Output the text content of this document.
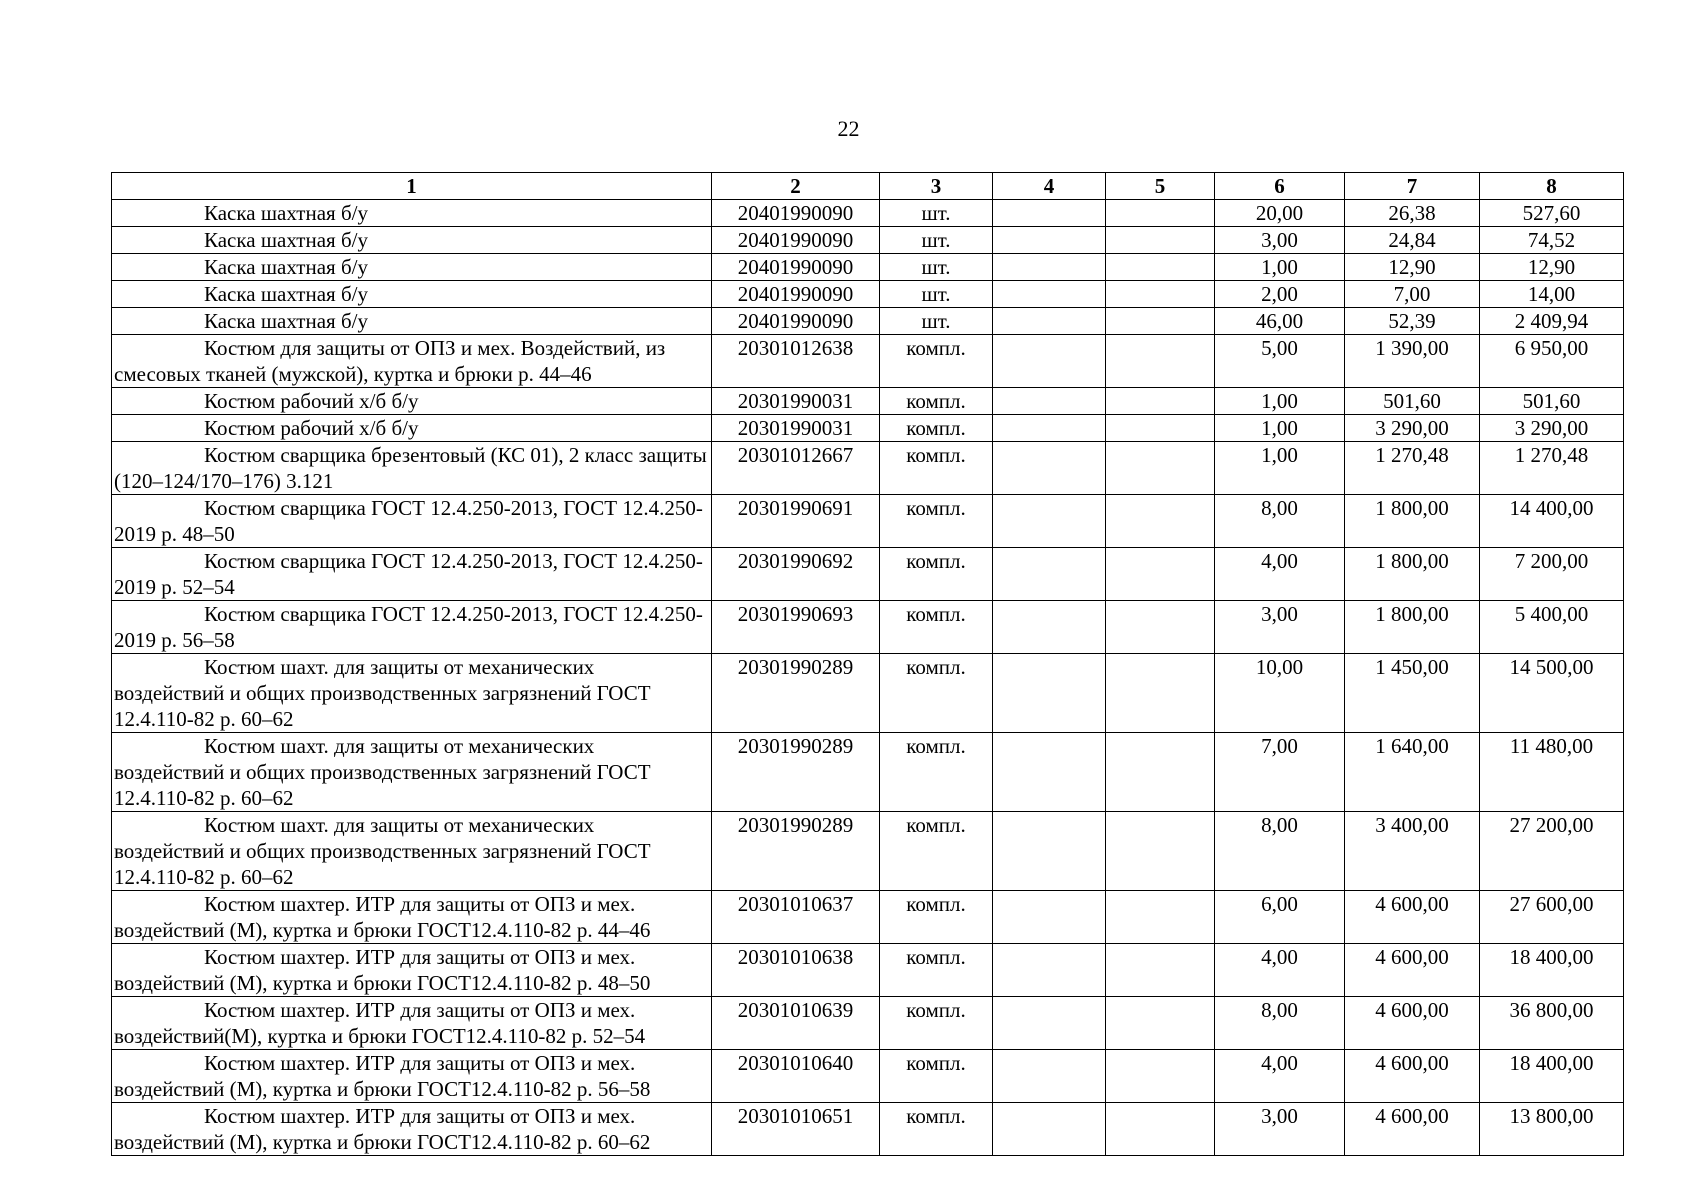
22
1	2	3	4	5	6	7	8
Каска шахтная б/у	20401990090	шт.			20,00	26,38	527,60
Каска шахтная б/у	20401990090	шт.			3,00	24,84	74,52
Каска шахтная б/у	20401990090	шт.			1,00	12,90	12,90
Каска шахтная б/у	20401990090	шт.			2,00	7,00	14,00
Каска шахтная б/у	20401990090	шт.			46,00	52,39	2 409,94
Костюм для защиты от ОПЗ и мех. Воздействий, из смесовых тканей (мужской), куртка и брюки р. 44–46	20301012638	компл.			5,00	1 390,00	6 950,00
Костюм рабочий х/б б/у	20301990031	компл.			1,00	501,60	501,60
Костюм рабочий х/б б/у	20301990031	компл.			1,00	3 290,00	3 290,00
Костюм сварщика брезентовый (КС 01), 2 класс защиты (120–124/170–176) 3.121	20301012667	компл.			1,00	1 270,48	1 270,48
Костюм сварщика ГОСТ 12.4.250-2013, ГОСТ 12.4.250-2019 р. 48–50	20301990691	компл.			8,00	1 800,00	14 400,00
Костюм сварщика ГОСТ 12.4.250-2013, ГОСТ 12.4.250-2019 р. 52–54	20301990692	компл.			4,00	1 800,00	7 200,00
Костюм сварщика ГОСТ 12.4.250-2013, ГОСТ 12.4.250-2019 р. 56–58	20301990693	компл.			3,00	1 800,00	5 400,00
Костюм шахт. для защиты от механических воздействий и общих производственных загрязнений ГОСТ 12.4.110-82 р. 60–62	20301990289	компл.			10,00	1 450,00	14 500,00
Костюм шахт. для защиты от механических воздействий и общих производственных загрязнений ГОСТ 12.4.110-82 р. 60–62	20301990289	компл.			7,00	1 640,00	11 480,00
Костюм шахт. для защиты от механических воздействий и общих производственных загрязнений ГОСТ 12.4.110-82 р. 60–62	20301990289	компл.			8,00	3 400,00	27 200,00
Костюм шахтер. ИТР для защиты от ОПЗ и мех. воздействий (М), куртка и брюки ГОСТ12.4.110-82 р. 44–46	20301010637	компл.			6,00	4 600,00	27 600,00
Костюм шахтер. ИТР для защиты от ОПЗ и мех. воздействий (М), куртка и брюки ГОСТ12.4.110-82 р. 48–50	20301010638	компл.			4,00	4 600,00	18 400,00
Костюм шахтер. ИТР для защиты от ОПЗ и мех. воздействий(М), куртка и брюки ГОСТ12.4.110-82 р. 52–54	20301010639	компл.			8,00	4 600,00	36 800,00
Костюм шахтер. ИТР для защиты от ОПЗ и мех. воздействий (М), куртка и брюки ГОСТ12.4.110-82 р. 56–58	20301010640	компл.			4,00	4 600,00	18 400,00
Костюм шахтер. ИТР для защиты от ОПЗ и мех. воздействий (М), куртка и брюки ГОСТ12.4.110-82 р. 60–62	20301010651	компл.			3,00	4 600,00	13 800,00
